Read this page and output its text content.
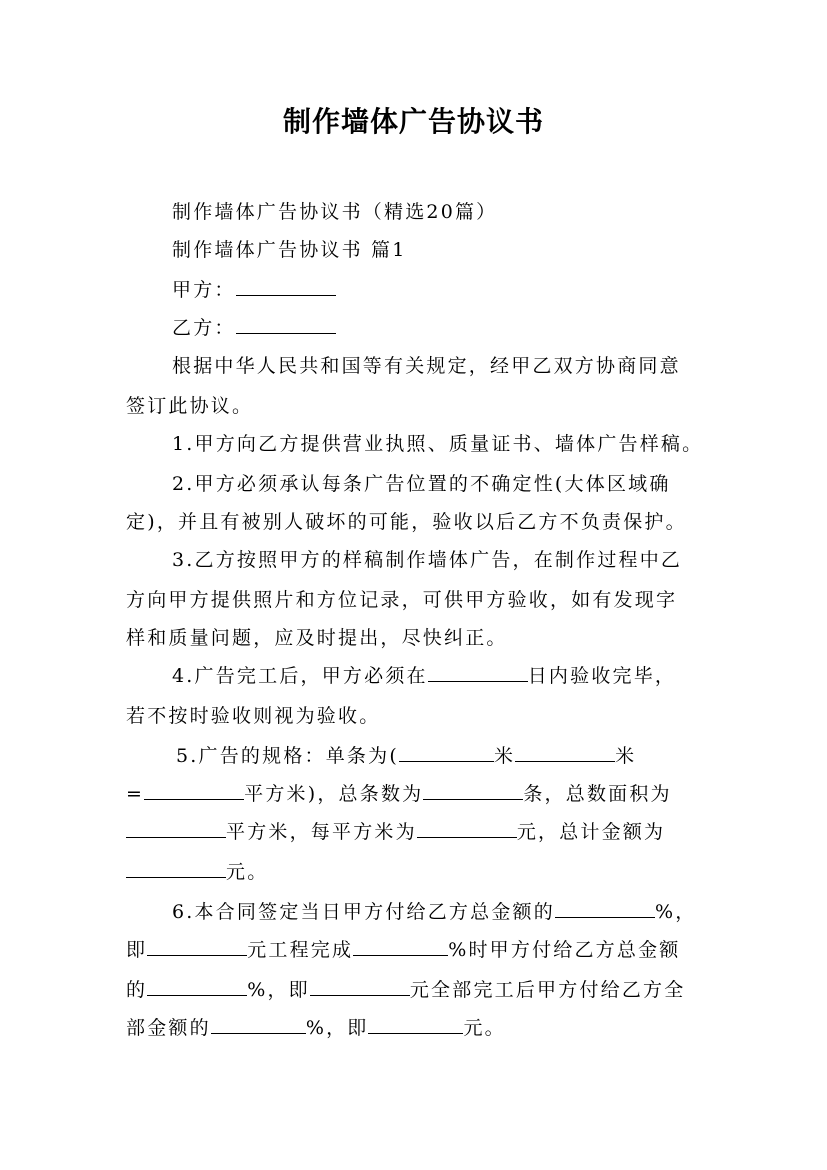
制作墙体广告协议书
制作墙体广告协议书（精选20篇）
制作墙体广告协议书 篇1
甲方：
乙方：
根据中华人民共和国等有关规定，经甲乙双方协商同意
签订此协议。
1.甲方向乙方提供营业执照、质量证书、墙体广告样稿。
2.甲方必须承认每条广告位置的不确定性(大体区域确
定)，并且有被别人破坏的可能，验收以后乙方不负责保护。
3.乙方按照甲方的样稿制作墙体广告，在制作过程中乙
方向甲方提供照片和方位记录，可供甲方验收，如有发现字
样和质量问题，应及时提出，尽快纠正。
4.广告完工后，甲方必须在	日内验收完毕，
若不按时验收则视为验收。
5.广告的规格：单条为(	米	米
=	平方米)，总条数为	条，总数面积为
平方米，每平方米为	元，总计金额为
元。
6.本合同签定当日甲方付给乙方总金额的	%，
即	元工程完成	%时甲方付给乙方总金额
的	%，即	元全部完工后甲方付给乙方全
部金额的	%，即	元。
